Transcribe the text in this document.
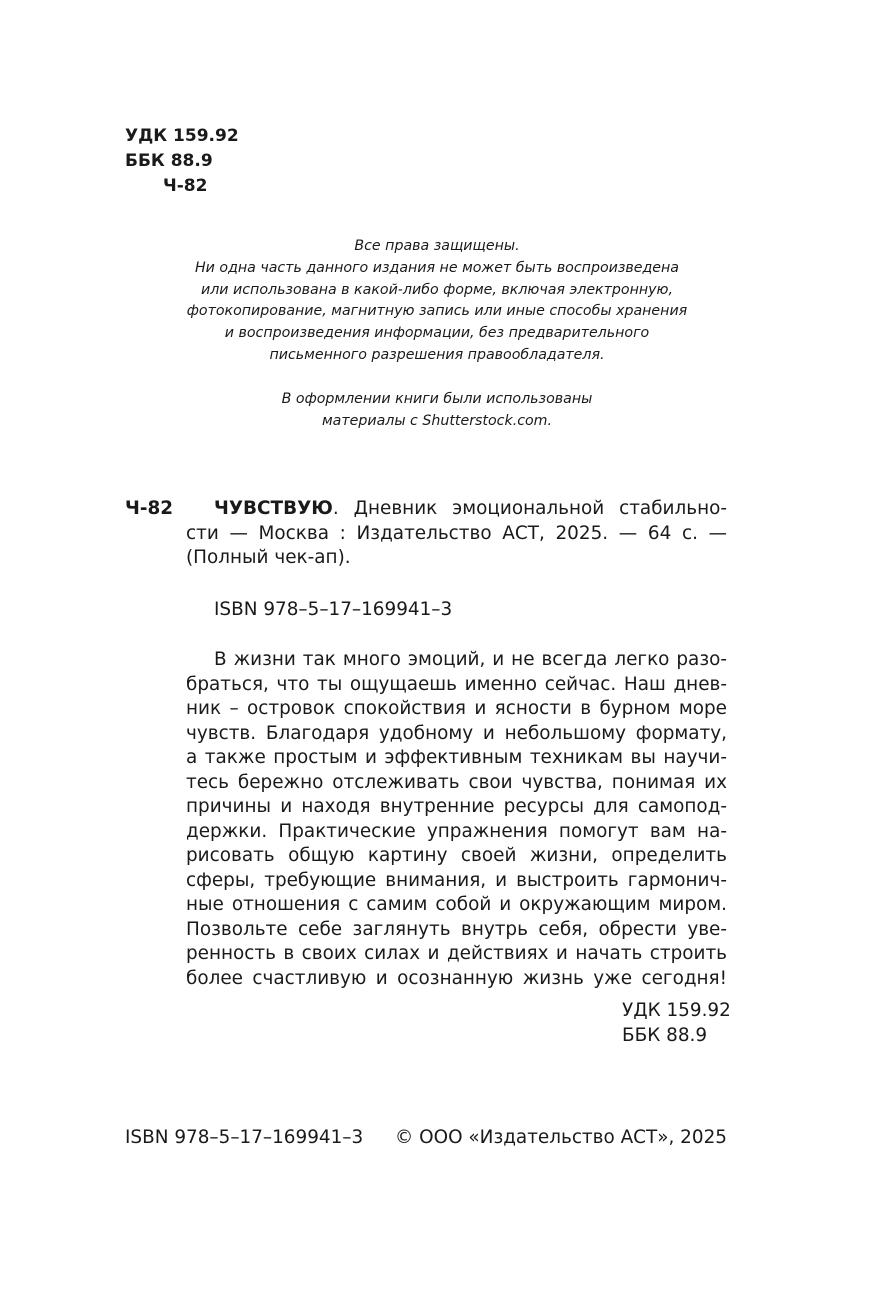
УДК 159.92
ББК 88.9
Ч-82

Все права защищены.
Ни одна часть данного издания не может быть воспроизведена
или использована в какой-либо форме, включая электронную,
фотокопирование, магнитную запись или иные способы хранения
и воспроизведения информации, без предварительного
письменного разрешения правообладателя.

В оформлении книги были использованы
материалы с Shutterstock.com.

Ч-82 ЧУВСТВУЮ. Дневник эмоциональной стабильно-
сти — Москва : Издательство АСТ, 2025. — 64 с. —
(Полный чек-ап).
ISBN 978–5–17–169941–3
В жизни так много эмоций, и не всегда легко разо-
браться, что ты ощущаешь именно сейчас. Наш днев-
ник – островок спокойствия и ясности в бурном море
чувств. Благодаря удобному и небольшому формату,
а также простым и эффективным техникам вы научи-
тесь бережно отслеживать свои чувства, понимая их
причины и находя внутренние ресурсы для самопод-
держки. Практические упражнения помогут вам на-
рисовать общую картину своей жизни, определить
сферы, требующие внимания, и выстроить гармонич-
ные отношения с самим собой и окружающим миром.
Позвольте себе заглянуть внутрь себя, обрести уве-
ренность в своих силах и действиях и начать строить
более счастливую и осознанную жизнь уже сегодня!
УДК 159.92
ББК 88.9
ISBN 978–5–17–169941–3	© ООО «Издательство АСТ», 2025
